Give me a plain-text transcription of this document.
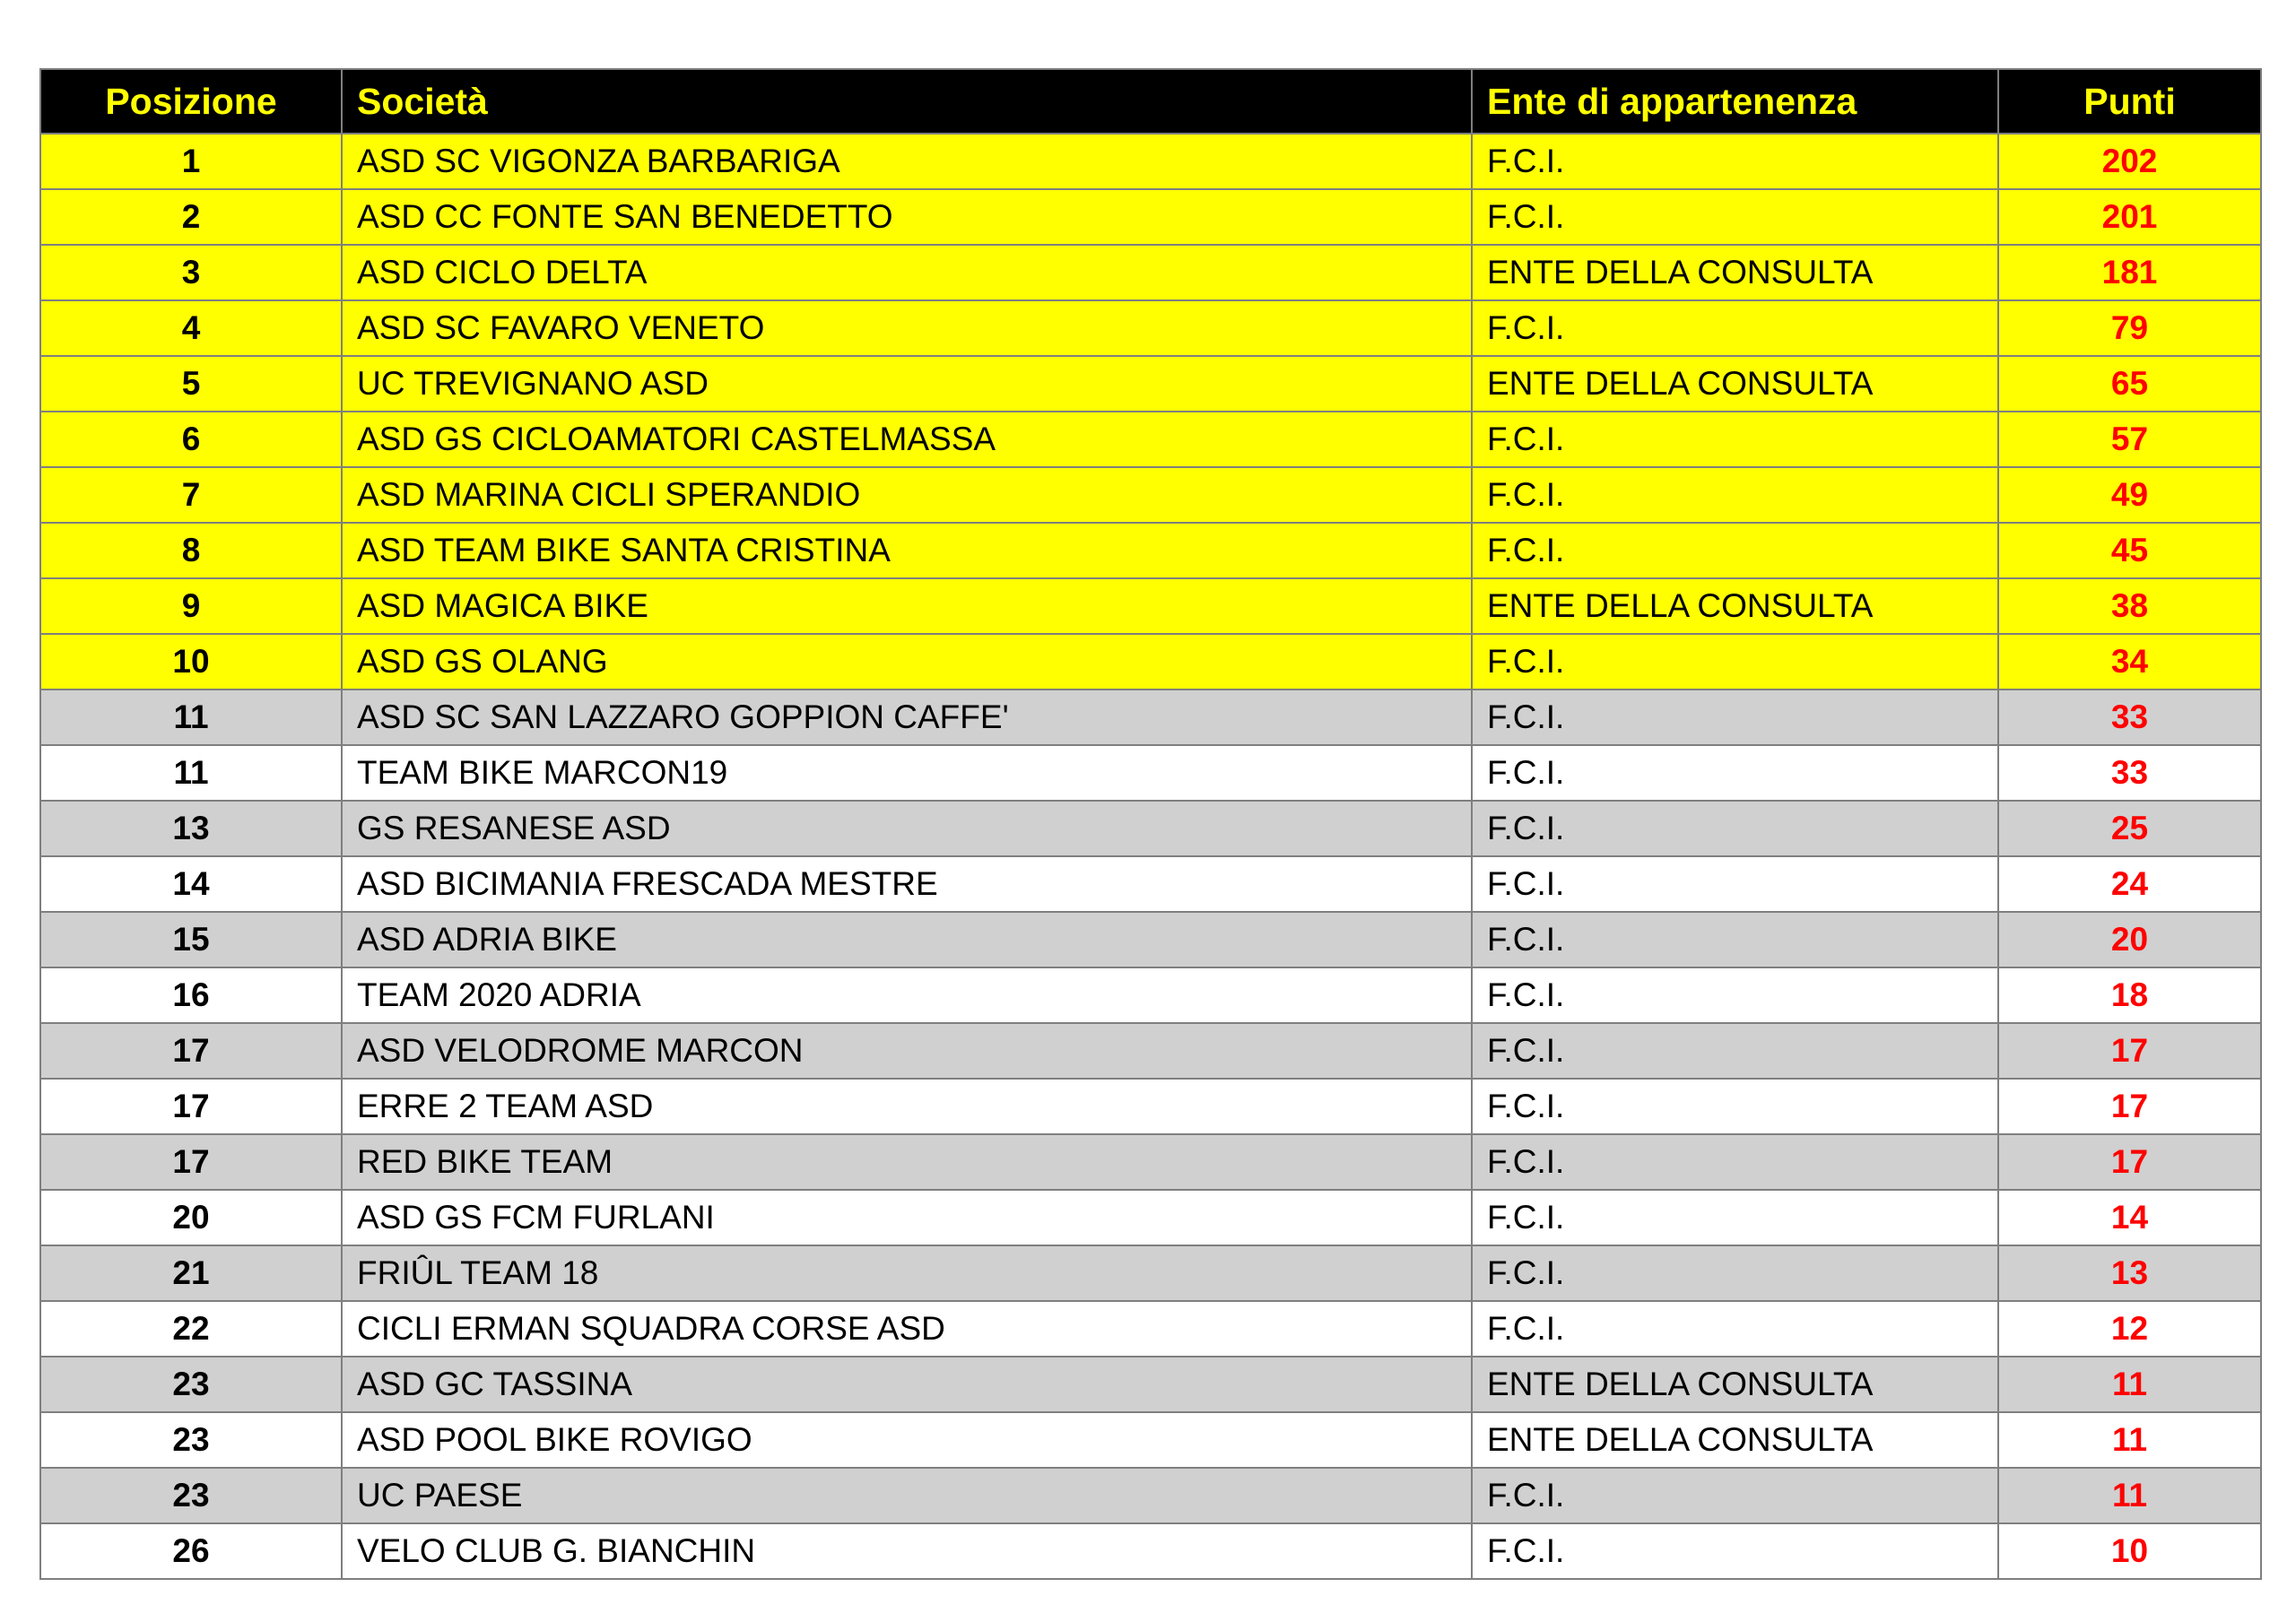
Posizione	Società	Ente di appartenenza	Punti
1	ASD SC VIGONZA BARBARIGA	F.C.I.	202
2	ASD CC FONTE SAN BENEDETTO	F.C.I.	201
3	ASD CICLO DELTA	ENTE DELLA CONSULTA	181
4	ASD SC FAVARO VENETO	F.C.I.	79
5	UC TREVIGNANO ASD	ENTE DELLA CONSULTA	65
6	ASD GS CICLOAMATORI CASTELMASSA	F.C.I.	57
7	ASD MARINA CICLI SPERANDIO	F.C.I.	49
8	ASD TEAM BIKE SANTA CRISTINA	F.C.I.	45
9	ASD MAGICA BIKE	ENTE DELLA CONSULTA	38
10	ASD GS OLANG	F.C.I.	34
11	ASD SC SAN LAZZARO GOPPION CAFFE'	F.C.I.	33
11	TEAM BIKE MARCON19	F.C.I.	33
13	GS RESANESE ASD	F.C.I.	25
14	ASD BICIMANIA FRESCADA MESTRE	F.C.I.	24
15	ASD ADRIA BIKE	F.C.I.	20
16	TEAM 2020 ADRIA	F.C.I.	18
17	ASD VELODROME MARCON	F.C.I.	17
17	ERRE 2 TEAM ASD	F.C.I.	17
17	RED BIKE TEAM	F.C.I.	17
20	ASD GS FCM FURLANI	F.C.I.	14
21	FRIÛL TEAM 18	F.C.I.	13
22	CICLI ERMAN SQUADRA CORSE ASD	F.C.I.	12
23	ASD GC TASSINA	ENTE DELLA CONSULTA	11
23	ASD POOL BIKE ROVIGO	ENTE DELLA CONSULTA	11
23	UC PAESE	F.C.I.	11
26	VELO CLUB G. BIANCHIN	F.C.I.	10
